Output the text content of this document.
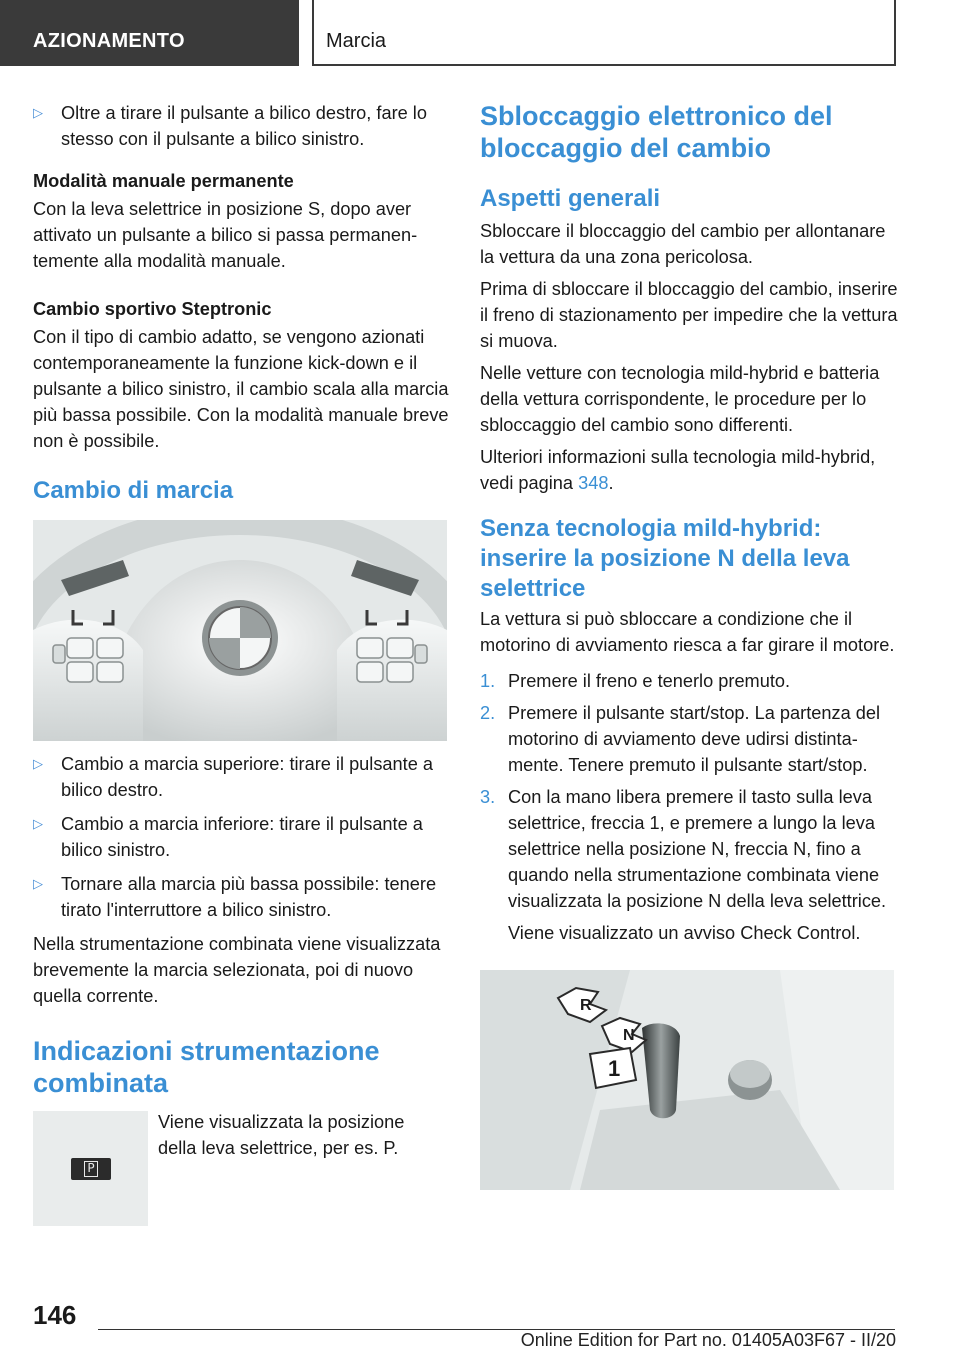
AZIONAMENTO	Marcia
▷ Oltre a tirare il pulsante a bilico destro, fare lo stesso con il pulsante a bilico sinistro.
Modalità manuale permanente

Con la leva selettrice in posizione S, dopo aver attivato un pulsante a bilico si passa permanentemente alla modalità manuale.

Cambio sportivo Steptronic

Con il tipo di cambio adatto, se vengono azionati contemporaneamente la funzione kick-down e il pulsante a bilico sinistro, il cambio scala alla marcia più bassa possibile. Con la modalità manuale breve non è possibile.

Cambio di marcia
▷ Cambio a marcia superiore: tirare il pulsante a bilico destro.
▷ Cambio a marcia inferiore: tirare il pulsante a bilico sinistro.
▷ Tornare alla marcia più bassa possibile: tenere tirato l'interruttore a bilico sinistro.

Nella strumentazione combinata viene visualizzata brevemente la marcia selezionata, poi di nuovo quella corrente.

Indicazioni strumentazione combinata
P

Viene visualizzata la posizione della leva selettrice, per es. P.

Sbloccaggio elettronico del bloccaggio del cambio
Aspetti generali

Sbloccare il bloccaggio del cambio per allontanare la vettura da una zona pericolosa.

Prima di sbloccare il bloccaggio del cambio, inserire il freno di stazionamento per impedire che la vettura si muova.

Nelle vetture con tecnologia mild-hybrid e batteria della vettura corrispondente, le procedure per lo sbloccaggio del cambio sono differenti.

Ulteriori informazioni sulla tecnologia mild-hybrid, vedi pagina 348.

Senza tecnologia mild-hybrid: inserire la posizione N della leva selettrice

La vettura si può sbloccare a condizione che il motorino di avviamento riesca a far girare il motore.

1. Premere il freno e tenerlo premuto.
2. Premere il pulsante start/stop. La partenza del motorino di avviamento deve udirsi distintamente. Tenere premuto il pulsante start/stop.
3. Con la mano libera premere il tasto sulla leva selettrice, freccia 1, e premere a lungo la leva selettrice nella posizione N, freccia N, fino a quando nella strumentazione combinata viene visualizzata la posizione N della leva selettrice.

Viene visualizzato un avviso Check Control.

R
N
1
146
Online Edition for Part no. 01405A03F67 - II/20
